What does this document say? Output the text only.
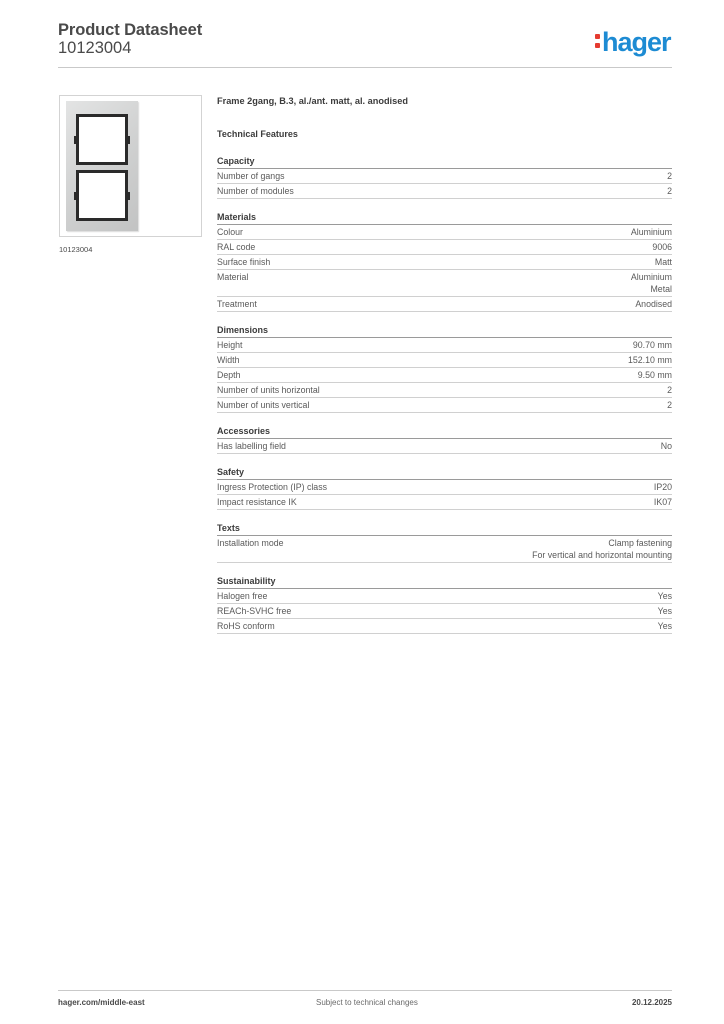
Product Datasheet
10123004	hager
10123004
Frame 2gang, B.3, al./ant. matt, al. anodised
Technical Features
Capacity
Number of gangs	2
Number of modules	2
Materials
Colour	Aluminium
RAL code	9006
Surface finish	Matt
Material	Aluminium
Metal
Treatment	Anodised
Dimensions
Height	90.70 mm
Width	152.10 mm
Depth	9.50 mm
Number of units horizontal	2
Number of units vertical	2
Accessories
Has labelling field	No
Safety
Ingress Protection (IP) class	IP20
Impact resistance IK	IK07
Texts
Installation mode	Clamp fastening
For vertical and horizontal mounting
Sustainability
Halogen free	Yes
REACh-SVHC free	Yes
RoHS conform	Yes
hager.com/middle-east	Subject to technical changes	20.12.2025
